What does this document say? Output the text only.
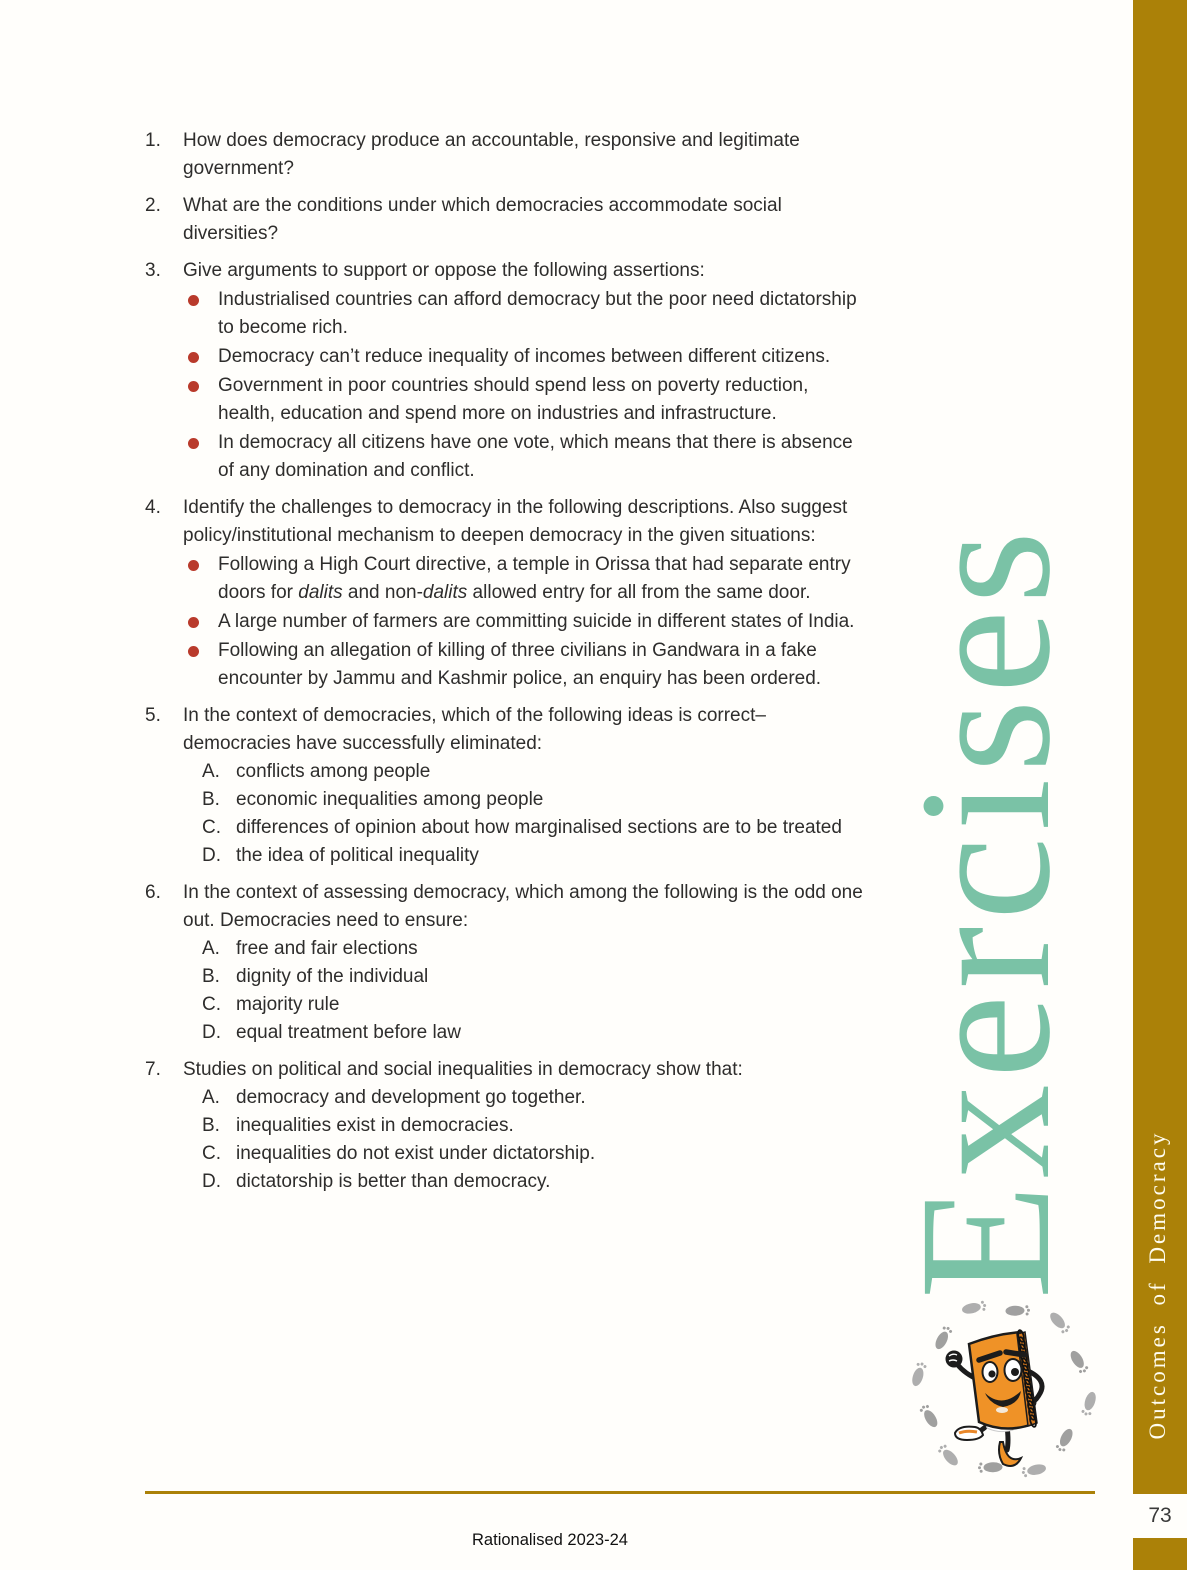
1.	How does democracy produce an accountable, responsive and legitimate government?

2.	What are the conditions under which democracies accommodate social diversities?

3.	Give arguments to support or oppose the following assertions:

Industrialised countries can afford democracy but the poor need dictatorship to become rich.
Democracy can’t reduce inequality of incomes between different citizens.
Government in poor countries should spend less on poverty reduction, health, education and spend more on industries and infrastructure.
In democracy all citizens have one vote, which means that there is absence of any domination and conflict.
4.	Identify the challenges to democracy in the following descriptions. Also suggest policy/institutional mechanism to deepen democracy in the given situations:

Following a High Court directive, a temple in Orissa that had separate entry doors for dalits and non-dalits allowed entry for all from the same door.
A large number of farmers are committing suicide in different states of India.
Following an allegation of killing of three civilians in Gandwara in a fake encounter by Jammu and Kashmir police, an enquiry has been ordered.
5.	In the context of democracies, which of the following ideas is correct– democracies have successfully eliminated:

A. conflicts among people
B. economic inequalities among people
C. differences of opinion about how marginalised sections are to be treated
D. the idea of political inequality
6.	In the context of assessing democracy, which among the following is the odd one out. Democracies need to ensure:

A. free and fair elections
B. dignity of the individual
C. majority rule
D. equal treatment before law
7.	Studies on political and social inequalities in democracy show that:

A. democracy and development go together.
B. inequalities exist in democracies.
C. inequalities do not exist under dictatorship.
D. dictatorship is better than democracy.	Exercises Outcomes of Democracy
73
Rationalised 2023-24
